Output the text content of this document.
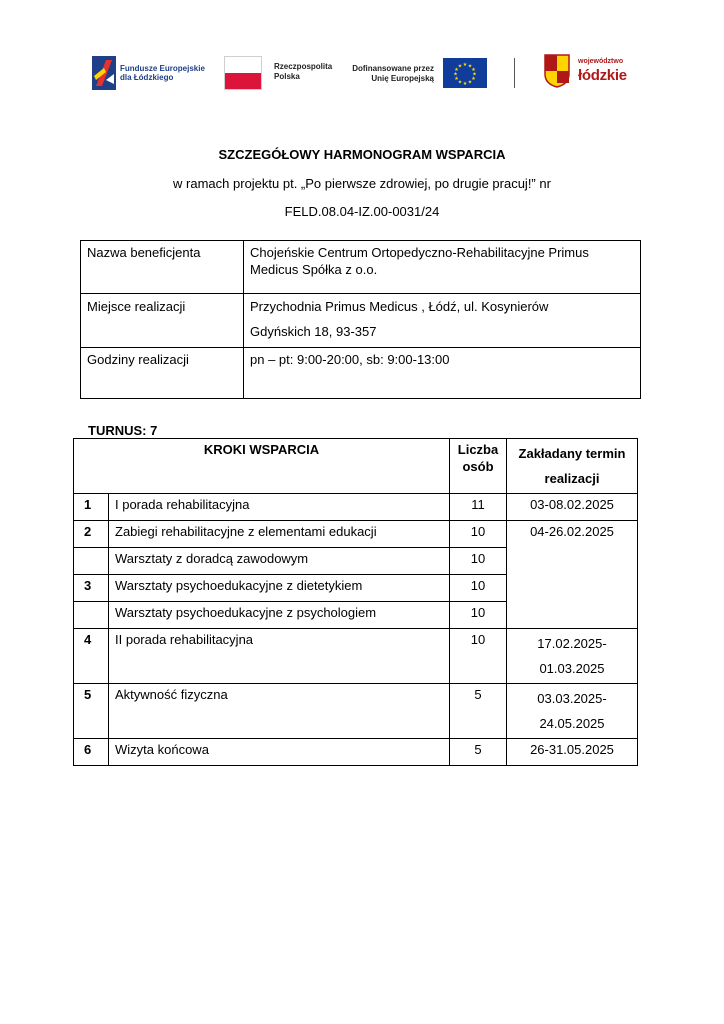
Fundusze Europejskie
dla Łódzkiego
Rzeczpospolita
Polska
Dofinansowane przez
Unię Europejską
★ ★
★
★
★
★
★
★
★
★
★
★
województwo
łódzkie
SZCZEGÓŁOWY HARMONOGRAM WSPARCIA
w ramach projektu pt. „Po pierwsze zdrowiej, po drugie pracuj!” nr
FELD.08.04-IZ.00-0031/24
Nazwa beneficjenta	Chojeńskie Centrum Ortopedyczno-Rehabilitacyjne Primus Medicus Spółka z o.o.
Miejsce realizacji	Przychodnia Primus Medicus , Łódź, ul. Kosynierów
Gdyńskich 18, 93-357

Godziny realizacji	pn – pt: 9:00-20:00, sb: 9:00-13:00
TURNUS: 7
KROKI WSPARCIA		Liczba osób	Zakładany termin
realizacji

1	I porada rehabilitacyjna	11	03-08.02.2025
2	Zabiegi rehabilitacyjne z elementami edukacji	10	04-26.02.2025
	Warsztaty z doradcą zawodowym	10	
3	Warsztaty psychoedukacyjne z dietetykiem	10	
	Warsztaty psychoedukacyjne z psychologiem	10	
4	II porada rehabilitacyjna	10	17.02.2025-
01.03.2025

5	Aktywność fizyczna	5	03.03.2025-
24.05.2025

6	Wizyta końcowa	5	26-31.05.2025
